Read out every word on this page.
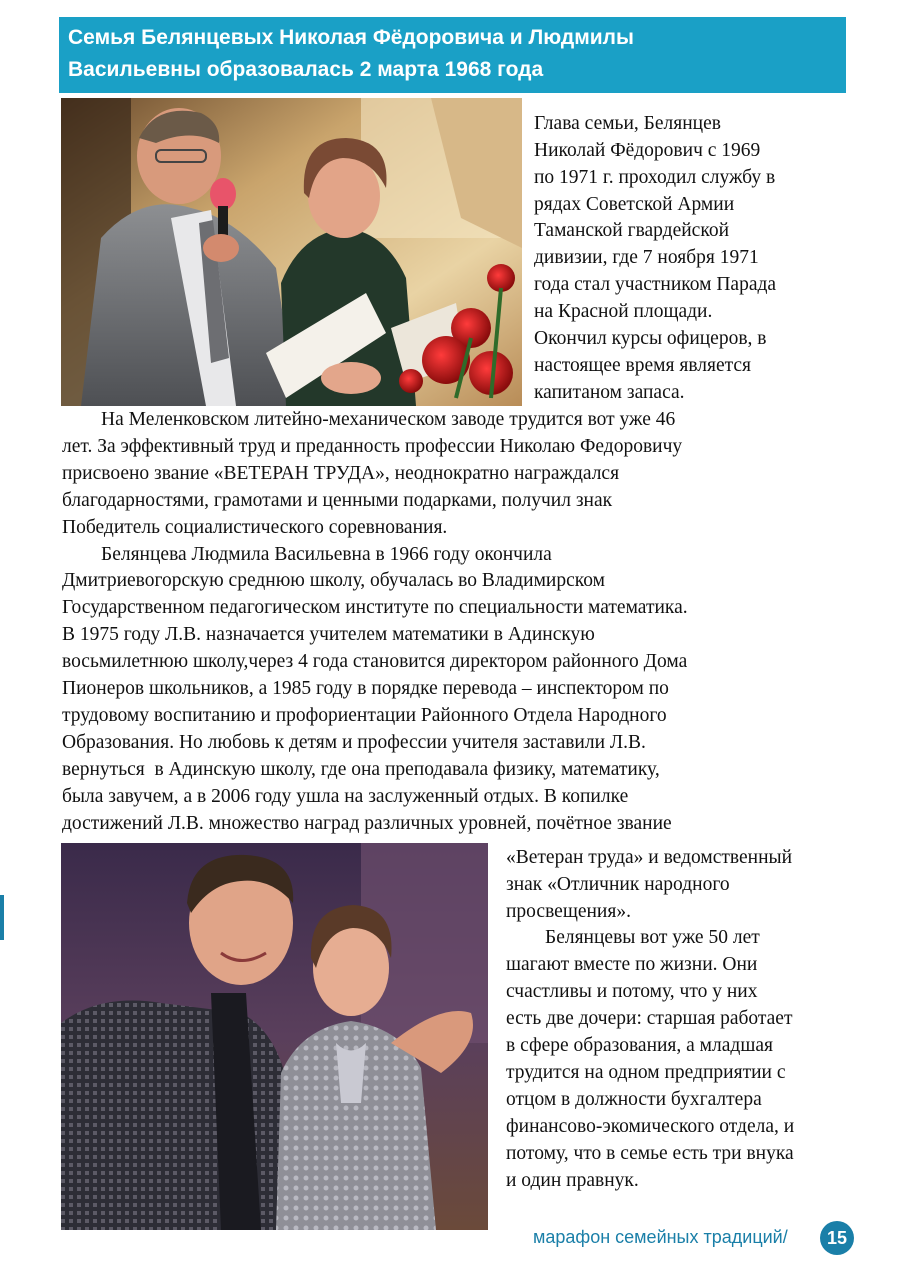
Семья Белянцевых Николая Фёдоровича и Людмилы
Васильевны образовалась 2 марта 1968 года
Глава семьи, Белянцев
Николай Фёдорович с 1969
по 1971 г. проходил службу в
рядах Советской Армии
Таманской гвардейской
дивизии, где 7 ноября 1971
года стал участником Парада
на Красной площади.
Окончил курсы офицеров, в
настоящее время является
капитаном запаса.
На Меленковском литейно-механическом заводе трудится вот уже 46
лет. За эффективный труд и преданность профессии Николаю Федоровичу
присвоено звание «ВЕТЕРАН ТРУДА», неоднократно награждался
благодарностями, грамотами и ценными подарками, получил знак
Победитель социалистического соревнования.
Белянцева Людмила Васильевна в 1966 году окончила
Дмитриевогорскую среднюю школу, обучалась во Владимирском
Государственном педагогическом институте по специальности математика.
В 1975 году Л.В. назначается учителем математики в Адинскую
восьмилетнюю школу,через 4 года становится директором районного Дома
Пионеров школьников, а 1985 году в порядке перевода – инспектором по
трудовому воспитанию и профориентации Районного Отдела Народного
Образования. Но любовь к детям и профессии учителя заставили Л.В.
вернуться  в Адинскую школу, где она преподавала физику, математику,
была завучем, а в 2006 году ушла на заслуженный отдых. В копилке
достижений Л.В. множество наград различных уровней, почётное звание
«Ветеран труда» и ведомственный
знак «Отличник народного
просвещения».
Белянцевы вот уже 50 лет
шагают вместе по жизни. Они
счастливы и потому, что у них
есть две дочери: старшая работает
в сфере образования, а младшая
трудится на одном предприятии с
отцом в должности бухгалтера
финансово-экомического отдела, и
потому, что в семье есть три внука
и один правнук.
марафон семейных традиций/	15
